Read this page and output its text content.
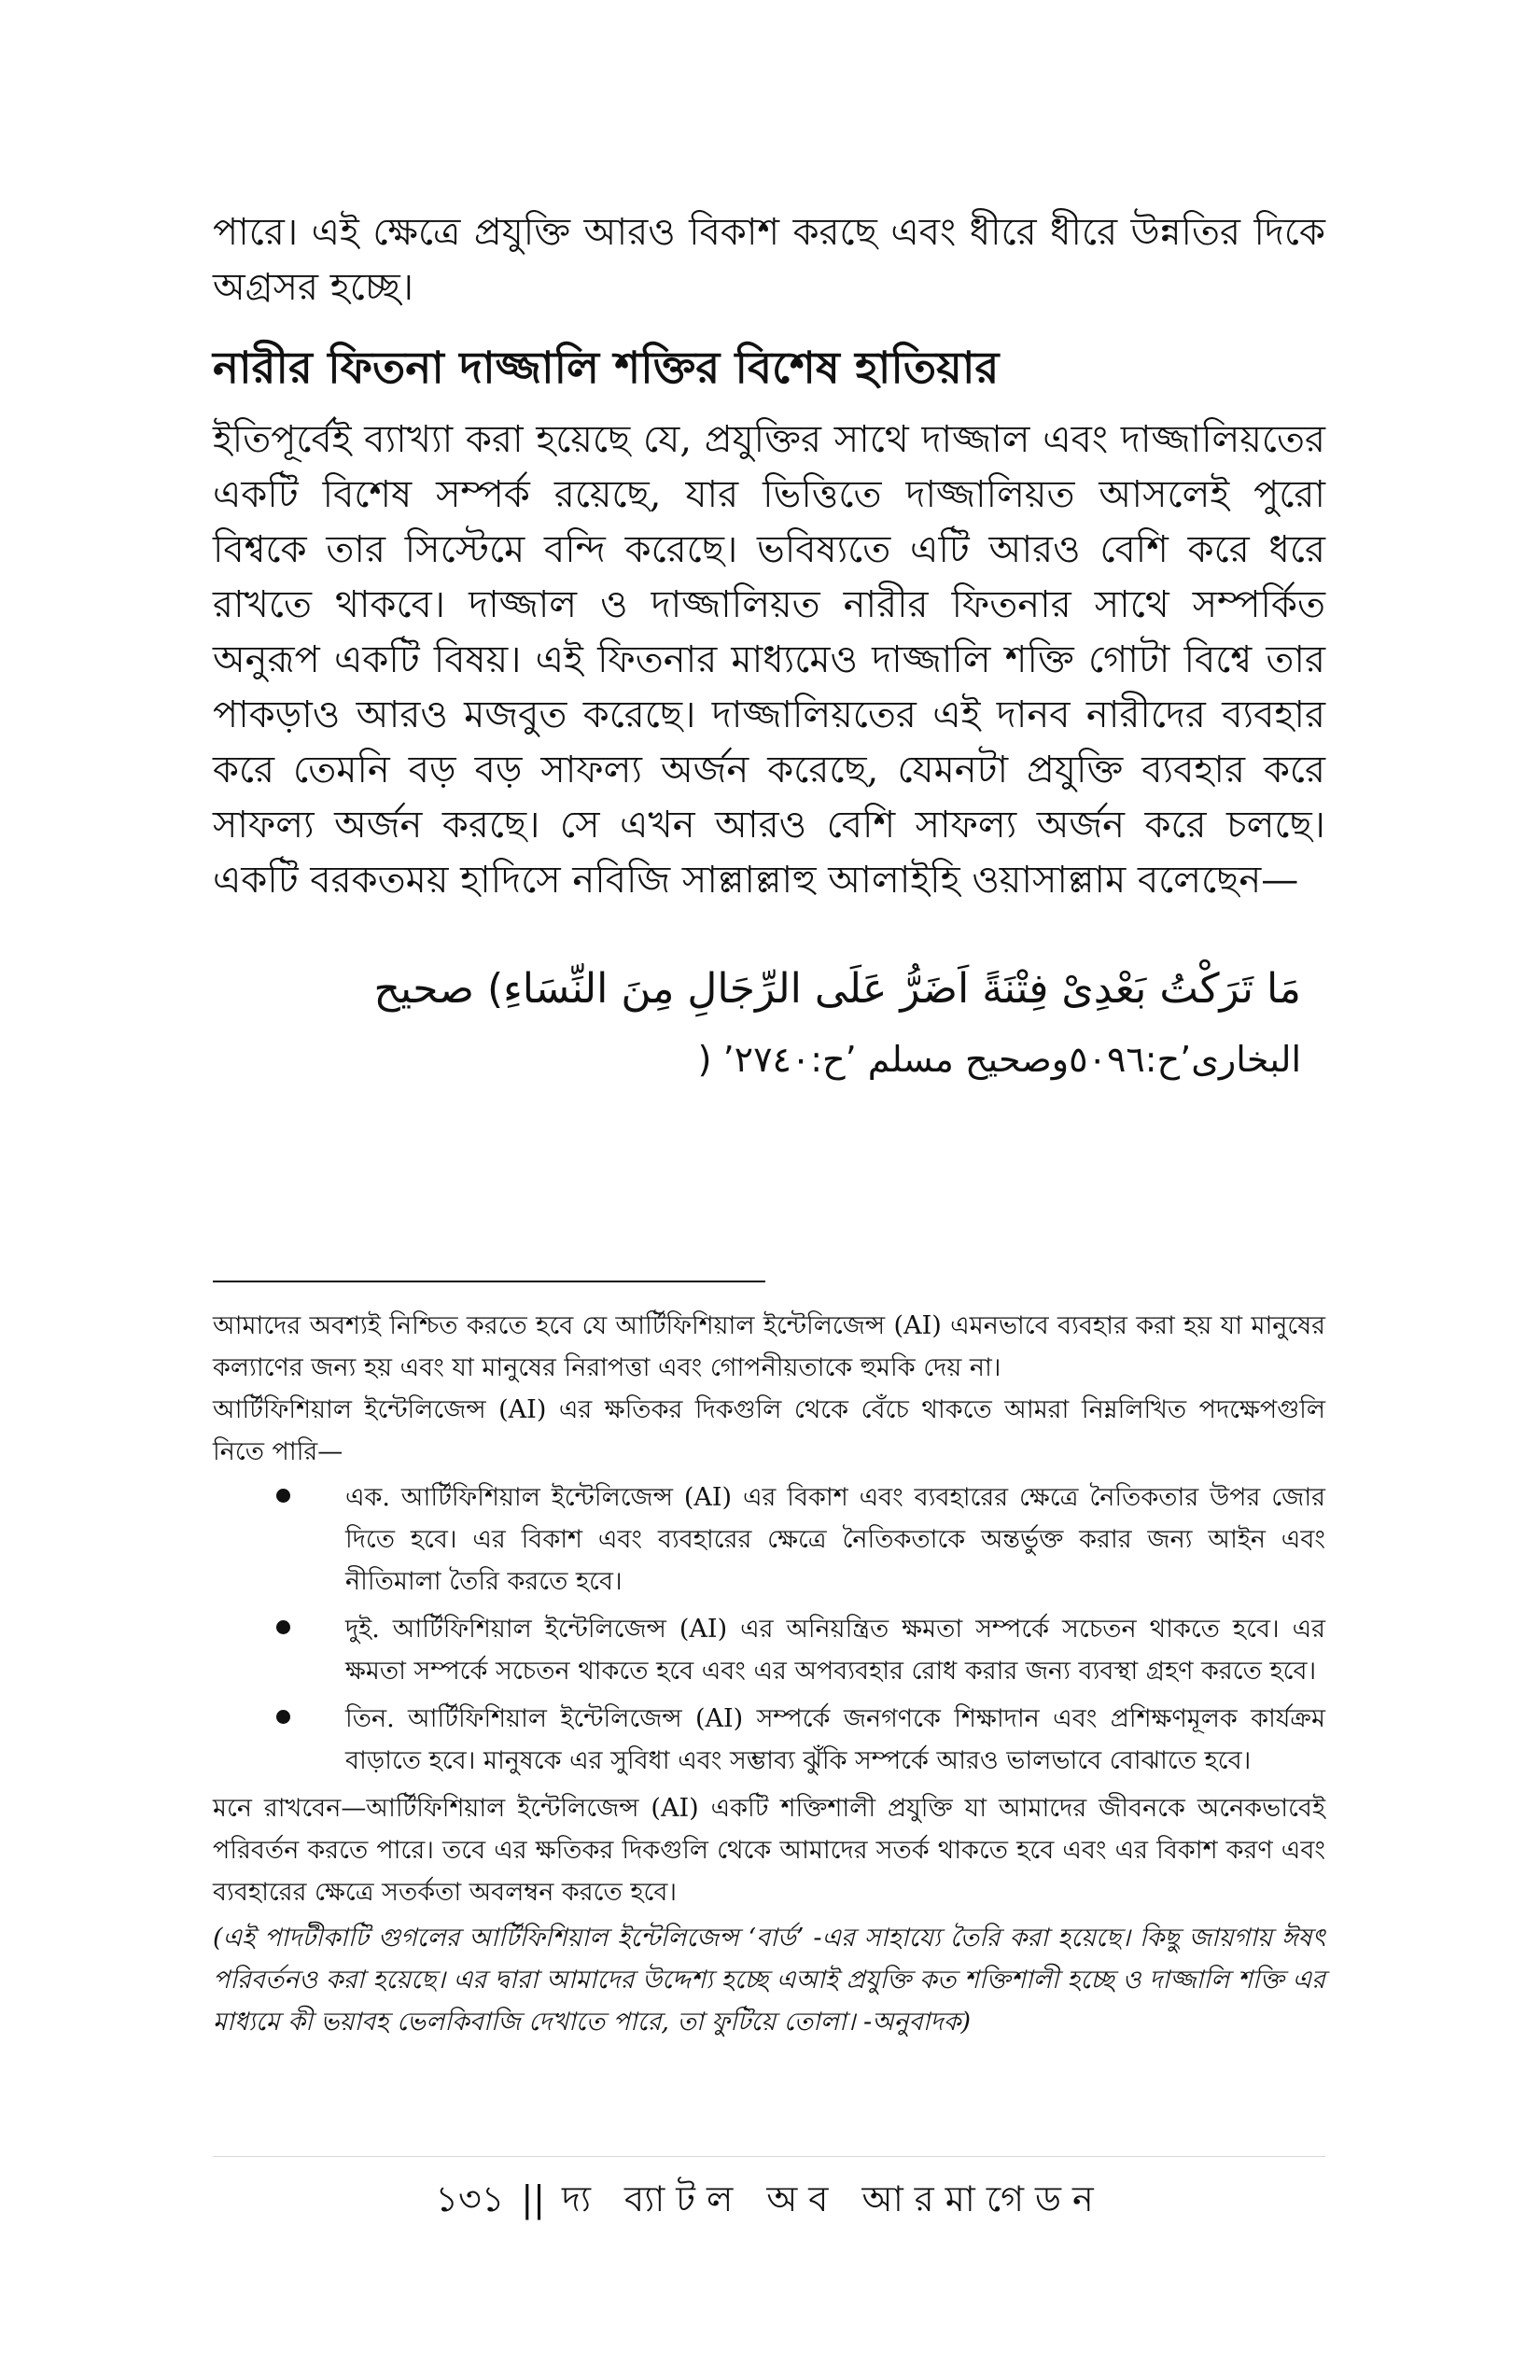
পারে। এই ক্ষেত্রে প্রযুক্তি আরও বিকাশ করছে এবং ধীরে ধীরে উন্নতির দিকে অগ্রসর হচ্ছে।

নারীর ফিতনা দাজ্জালি শক্তির বিশেষ হাতিয়ার

ইতিপূর্বেই ব্যাখ্যা করা হয়েছে যে, প্রযুক্তির সাথে দাজ্জাল এবং দাজ্জালিয়তের একটি বিশেষ সম্পর্ক রয়েছে, যার ভিত্তিতে দাজ্জালিয়ত আসলেই পুরো বিশ্বকে তার সিস্টেমে বন্দি করেছে। ভবিষ্যতে এটি আরও বেশি করে ধরে রাখতে থাকবে। দাজ্জাল ও দাজ্জালিয়ত নারীর ফিতনার সাথে সম্পর্কিত অনুরূপ একটি বিষয়। এই ফিতনার মাধ্যমেও দাজ্জালি শক্তি গোটা বিশ্বে তার পাকড়াও আরও মজবুত করেছে। দাজ্জালিয়তের এই দানব নারীদের ব্যবহার করে তেমনি বড় বড় সাফল্য অর্জন করেছে, যেমনটা প্রযুক্তি ব্যবহার করে সাফল্য অর্জন করছে। সে এখন আরও বেশি সাফল্য অর্জন করে চলছে। একটি বরকতময় হাদিসে নবিজি সাল্লাল্লাহু আলাইহি ওয়াসাল্লাম বলেছেন—

مَا تَرَكْتُ بَعْدِىْ فِتْنَةً اَضَرُّ عَلَى الرِّجَالِ مِنَ النِّسَاءِ) صحيح
البخارى’ح:٥٠٩٦وصحيح مسلم ’ح:٢٧٤٠’ (

আমাদের অবশ্যই নিশ্চিত করতে হবে যে আর্টিফিশিয়াল ইন্টেলিজেন্স (AI) এমনভাবে ব্যবহার করা হয় যা মানুষের কল্যাণের জন্য হয় এবং যা মানুষের নিরাপত্তা এবং গোপনীয়তাকে হুমকি দেয় না।

আর্টিফিশিয়াল ইন্টেলিজেন্স (AI) এর ক্ষতিকর দিকগুলি থেকে বেঁচে থাকতে আমরা নিম্নলিখিত পদক্ষেপগুলি নিতে পারি—

এক. আর্টিফিশিয়াল ইন্টেলিজেন্স (AI) এর বিকাশ এবং ব্যবহারের ক্ষেত্রে নৈতিকতার উপর জোর দিতে হবে। এর বিকাশ এবং ব্যবহারের ক্ষেত্রে নৈতিকতাকে অন্তর্ভুক্ত করার জন্য আইন এবং নীতিমালা তৈরি করতে হবে।
দুই. আর্টিফিশিয়াল ইন্টেলিজেন্স (AI) এর অনিয়ন্ত্রিত ক্ষমতা সম্পর্কে সচেতন থাকতে হবে। এর ক্ষমতা সম্পর্কে সচেতন থাকতে হবে এবং এর অপব্যবহার রোধ করার জন্য ব্যবস্থা গ্রহণ করতে হবে।
তিন. আর্টিফিশিয়াল ইন্টেলিজেন্স (AI) সম্পর্কে জনগণকে শিক্ষাদান এবং প্রশিক্ষণমূলক কার্যক্রম বাড়াতে হবে। মানুষকে এর সুবিধা এবং সম্ভাব্য ঝুঁকি সম্পর্কে আরও ভালভাবে বোঝাতে হবে।

মনে রাখবেন—আর্টিফিশিয়াল ইন্টেলিজেন্স (AI) একটি শক্তিশালী প্রযুক্তি যা আমাদের জীবনকে অনেকভাবেই পরিবর্তন করতে পারে। তবে এর ক্ষতিকর দিকগুলি থেকে আমাদের সতর্ক থাকতে হবে এবং এর বিকাশ করণ এবং ব্যবহারের ক্ষেত্রে সতর্কতা অবলম্বন করতে হবে।

(এই পাদটীকাটি গুগলের আর্টিফিশিয়াল ইন্টেলিজেন্স ‘বার্ড’ -এর সাহায্যে তৈরি করা হয়েছে। কিছু জায়গায় ঈষৎ পরিবর্তনও করা হয়েছে। এর দ্বারা আমাদের উদ্দেশ্য হচ্ছে এআই প্রযুক্তি কত শক্তিশালী হচ্ছে ও দাজ্জালি শক্তি এর মাধ্যমে কী ভয়াবহ ভেলকিবাজি দেখাতে পারে, তা ফুটিয়ে তোলা। -অনুবাদক)

১৩১ || দ্য ব্যাটল অব আরমাগেডন
